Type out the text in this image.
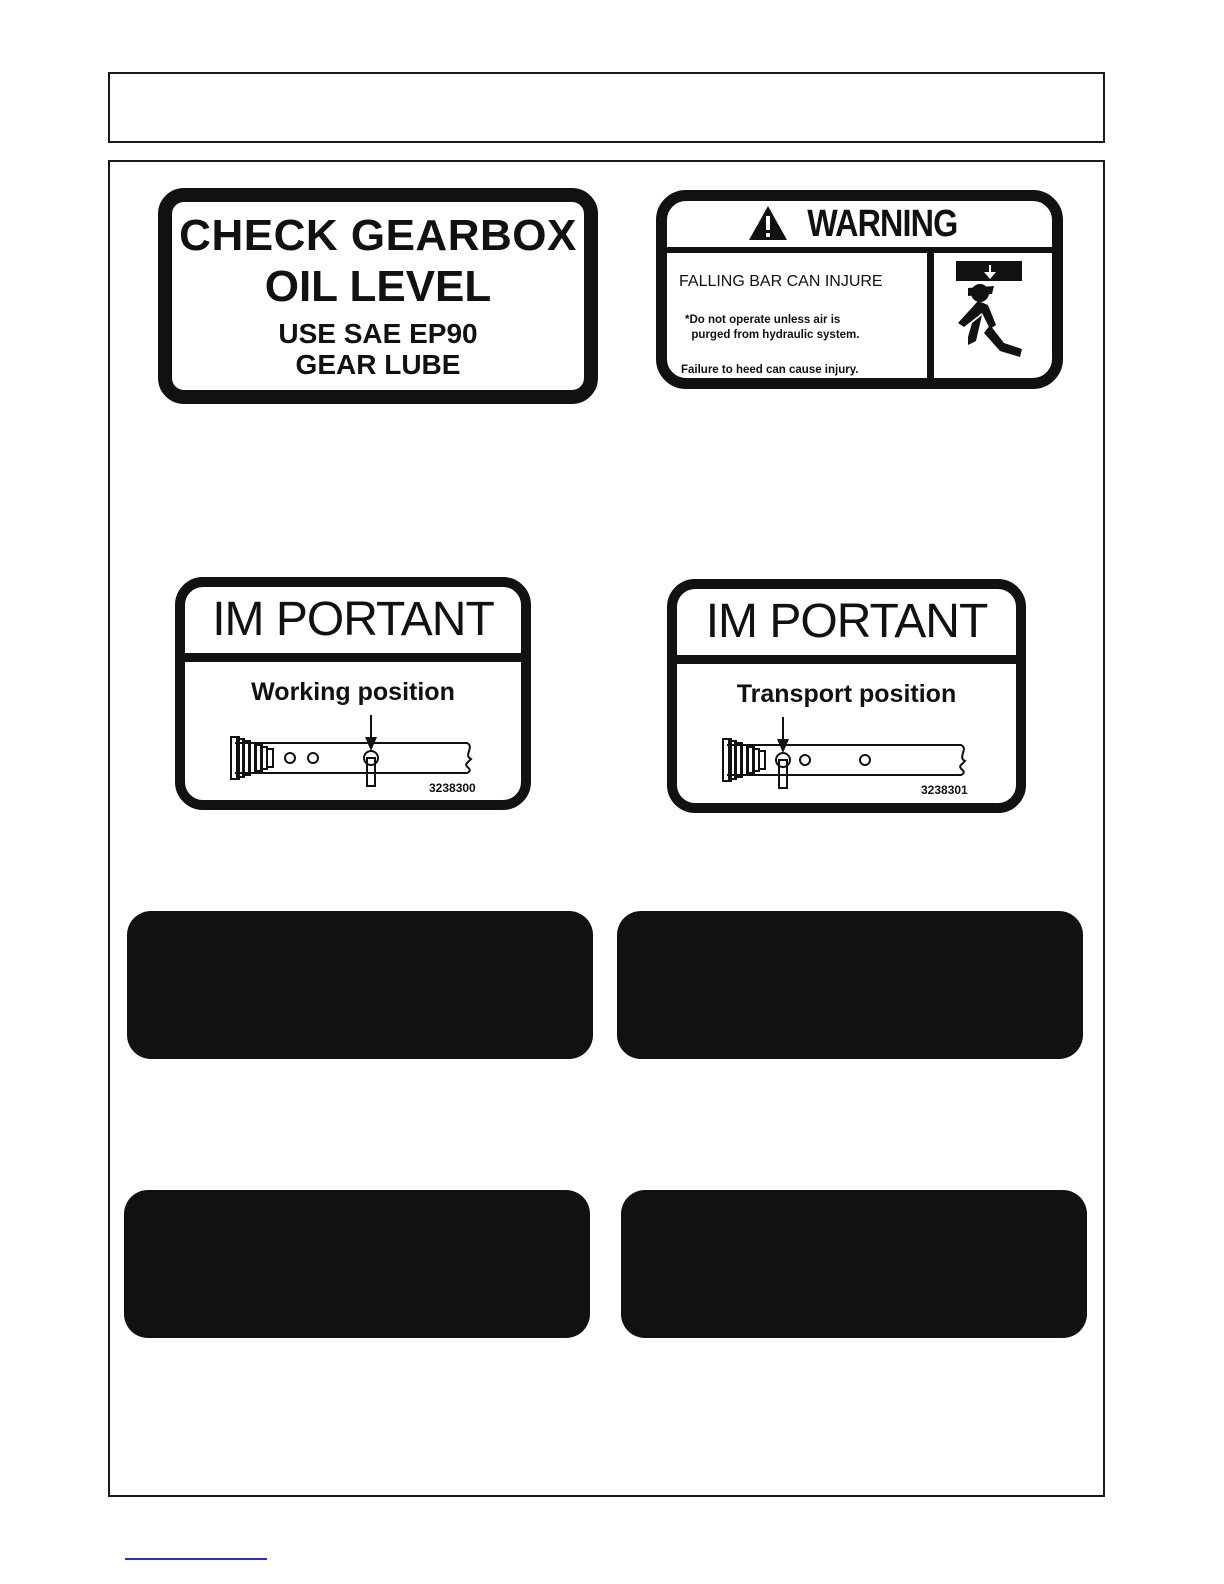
CHECK GEARBOX
OIL LEVEL
USE SAE EP90
GEAR LUBE
WARNING
FALLING BAR CAN INJURE
*Do not operate unless air is
purged from hydraulic system.
Failure to heed can cause injury.
3238311
IM PORTANT
Working position
3238300
IM PORTANT
Transport position
3238301
